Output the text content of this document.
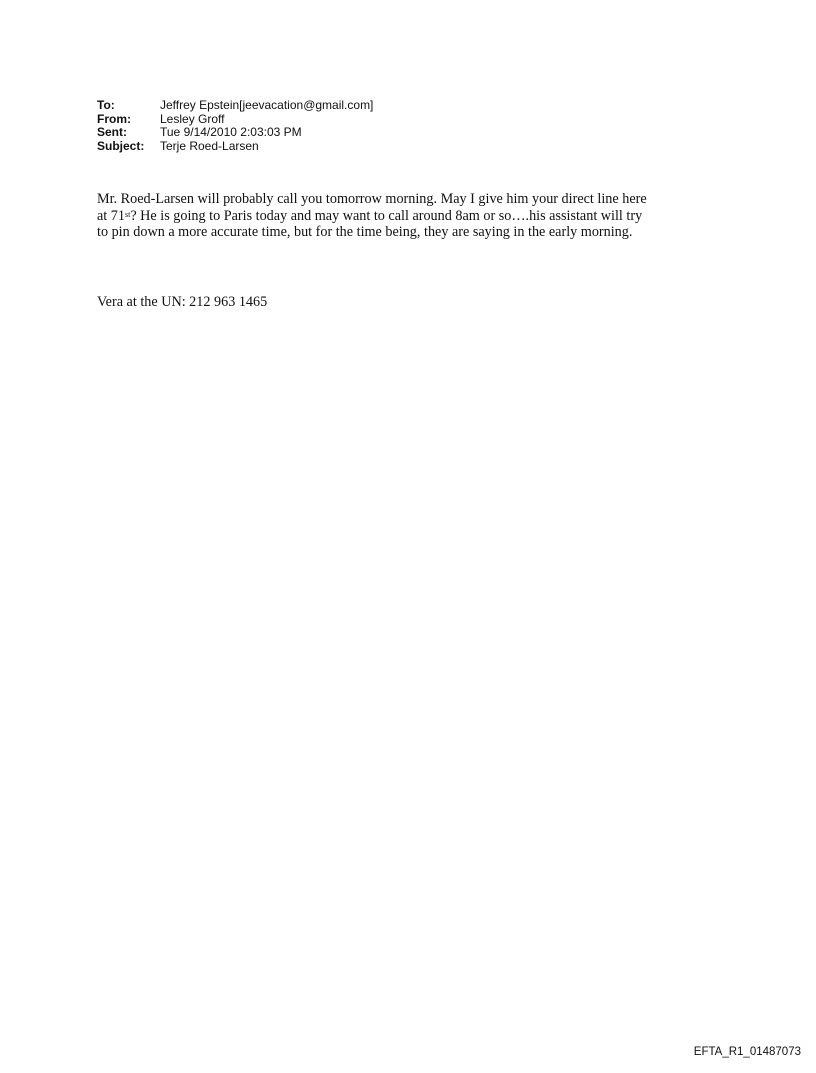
To:	Jeffrey Epstein[jeevacation@gmail.com]
From:	Lesley Groff
Sent:	Tue 9/14/2010 2:03:03 PM
Subject:	Terje Roed-Larsen

Mr. Roed-Larsen will probably call you tomorrow morning. May I give him your direct line here
at 71st? He is going to Paris today and may want to call around 8am or so….his assistant will try
to pin down a more accurate time, but for the time being, they are saying in the early morning.

Vera at the UN: 212 963 1465
EFTA_R1_01487073
